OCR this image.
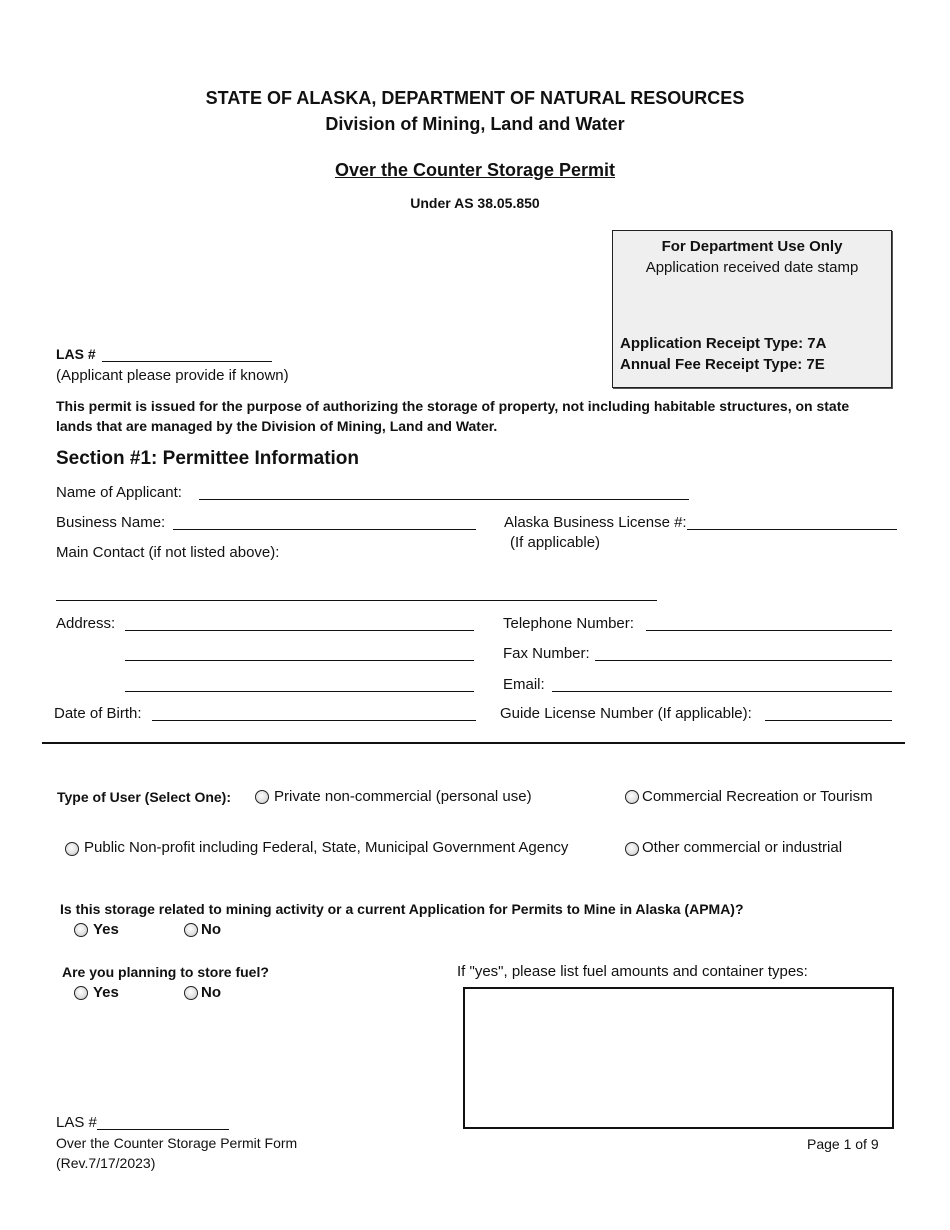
STATE OF ALASKA, DEPARTMENT OF NATURAL RESOURCES
Division of Mining, Land and Water
Over the Counter Storage Permit
Under AS 38.05.850
For Department Use Only
Application received date stamp
Application Receipt Type: 7A
Annual Fee Receipt Type: 7E
LAS #
(Applicant please provide if known)
This permit is issued for the purpose of authorizing the storage of property, not including habitable structures, on state
lands that are managed by the Division of Mining, Land and Water.
Section #1: Permittee Information
Name of Applicant:
Business Name:	Alaska Business License #:
(If applicable)
Main Contact (if not listed above):
Address:	Telephone Number:
Fax Number:
Email:
Date of Birth:	Guide License Number (If applicable):
Type of User (Select One):	Private non-commercial (personal use)	Commercial Recreation or Tourism
Public Non-profit including Federal, State, Municipal Government Agency	Other commercial or industrial
Is this storage related to mining activity or a current Application for Permits to Mine in Alaska (APMA)?
Yes	No
Are you planning to store fuel?
Yes	No
If "yes", please list fuel amounts and container types:
LAS #
Over the Counter Storage Permit Form
(Rev.7/17/2023)
Page 1 of 9
